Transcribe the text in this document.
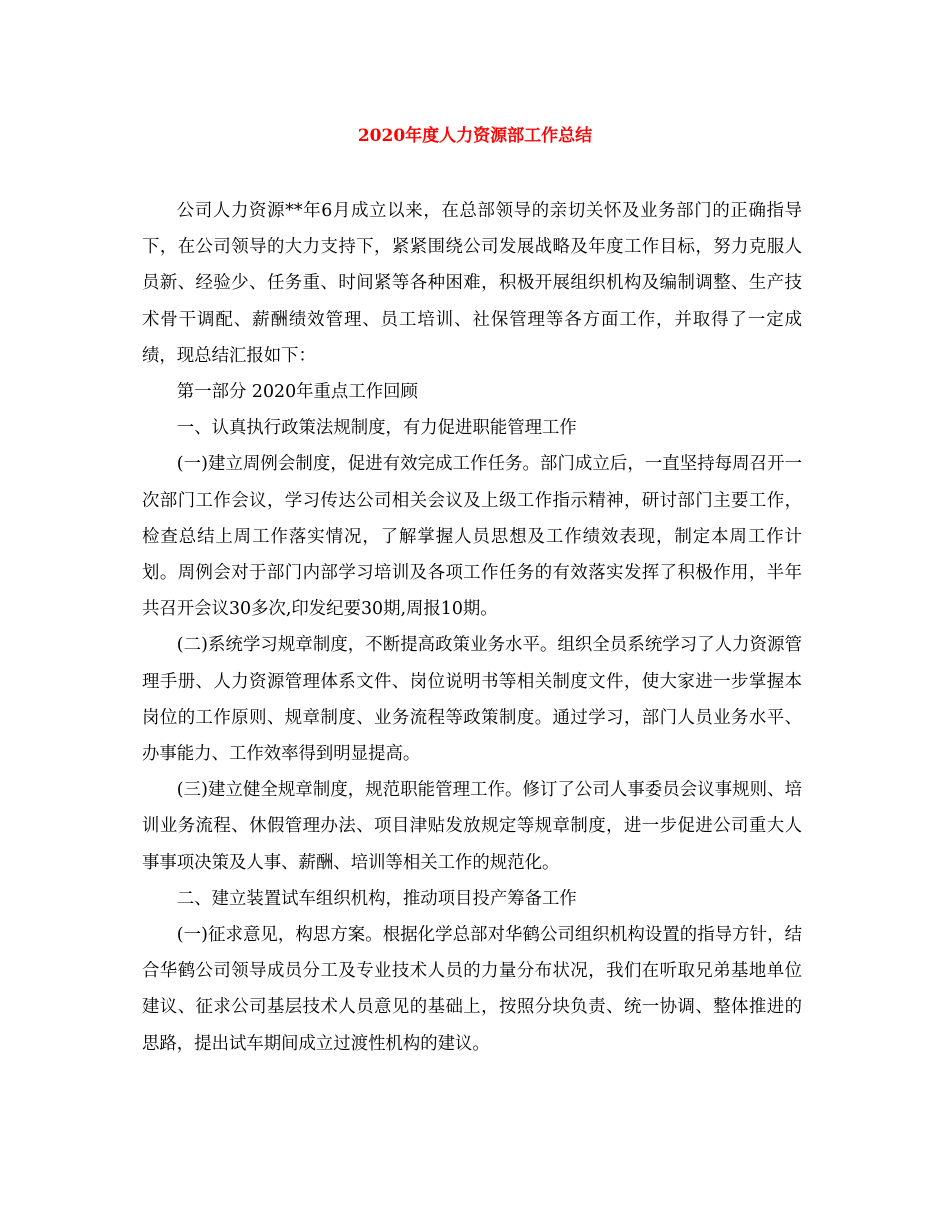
2020年度人力资源部工作总结

公司人力资源**年6月成立以来，在总部领导的亲切关怀及业务部门的正确指导下，在公司领导的大力支持下，紧紧围绕公司发展战略及年度工作目标，努力克服人员新、经验少、任务重、时间紧等各种困难，积极开展组织机构及编制调整、生产技术骨干调配、薪酬绩效管理、员工培训、社保管理等各方面工作，并取得了一定成绩，现总结汇报如下：

第一部分 2020年重点工作回顾

一、认真执行政策法规制度，有力促进职能管理工作

(一)建立周例会制度，促进有效完成工作任务。部门成立后，一直坚持每周召开一次部门工作会议，学习传达公司相关会议及上级工作指示精神，研讨部门主要工作，检查总结上周工作落实情况，了解掌握人员思想及工作绩效表现，制定本周工作计划。周例会对于部门内部学习培训及各项工作任务的有效落实发挥了积极作用，半年共召开会议30多次,印发纪要30期,周报10期。

(二)系统学习规章制度，不断提高政策业务水平。组织全员系统学习了人力资源管理手册、人力资源管理体系文件、岗位说明书等相关制度文件，使大家进一步掌握本岗位的工作原则、规章制度、业务流程等政策制度。通过学习，部门人员业务水平、办事能力、工作效率得到明显提高。

(三)建立健全规章制度，规范职能管理工作。修订了公司人事委员会议事规则、培训业务流程、休假管理办法、项目津贴发放规定等规章制度，进一步促进公司重大人事事项决策及人事、薪酬、培训等相关工作的规范化。

二、建立装置试车组织机构，推动项目投产筹备工作

(一)征求意见，构思方案。根据化学总部对华鹤公司组织机构设置的指导方针，结合华鹤公司领导成员分工及专业技术人员的力量分布状况，我们在听取兄弟基地单位建议、征求公司基层技术人员意见的基础上，按照分块负责、统一协调、整体推进的思路，提出试车期间成立过渡性机构的建议。
